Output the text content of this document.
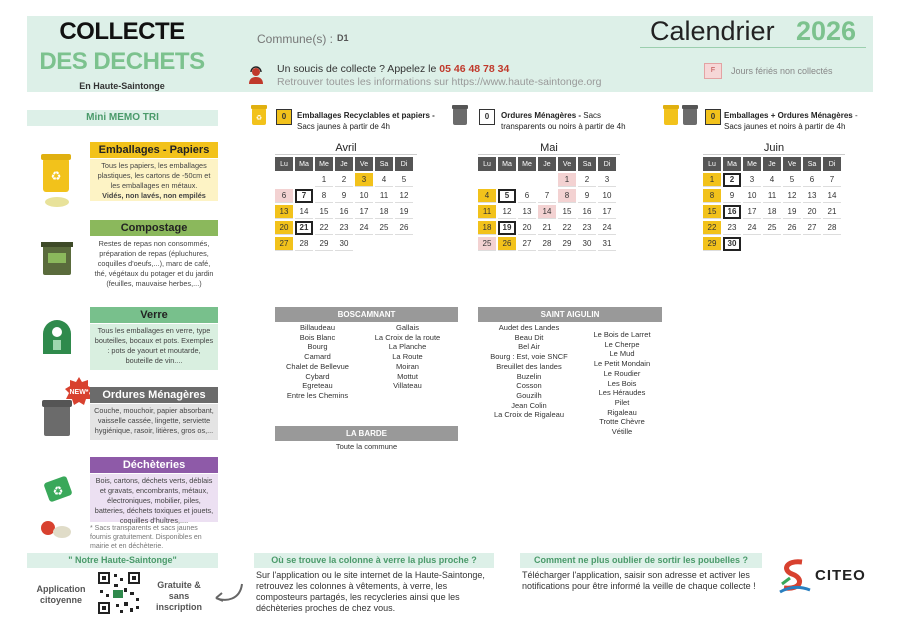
COLLECTE
DES DECHETS
En Haute-Saintonge
Commune(s) : D1	Calendrier 2026
Un soucis de collecte ? Appelez le 05 46 48 78 34
Retrouver toutes les informations sur https://www.haute-saintonge.org
F	Jours fériés non collectés
♻	0	Emballages Recyclables et papiers -
Sacs jaunes à partir de 4h
0	Ordures Ménagères - Sacs
transparents ou noirs à partir de 4h
0	Emballages + Ordures Ménagères -
Sacs jaunes et noirs à partir de 4h
Mini MEMO TRI
♻
Emballages - Papiers
Tous les papiers, les emballages plastiques, les cartons de -50cm et les emballages en métaux.
Vidés, non lavés, non empilés
Compostage
Restes de repas non consommés, préparation de repas (épluchures, coquilles d'oeufs,...), marc de café, thé, végétaux du potager et du jardin (feuilles, mauvaise herbes,...)
Verre
Tous les emballages en verre, type bouteilles, bocaux et pots. Exemples : pots de yaourt et moutarde, bouteille de vin....
NEW*	Ordures Ménagères
Couche, mouchoir, papier absorbant, vaisselle cassée, lingette, serviette hygiénique, rasoir, litières, gros os,...
♻
Déchèteries
Bois, cartons, déchets verts, déblais et gravats, encombrants, métaux, électroniques, mobilier, piles, batteries, déchets toxiques et jouets, coquilles d'huîtres,....
* Sacs transparents et sacs jaunes fournis gratuitement. Disponibles en mairie et en déchèterie.
Avril
Lu	Ma	Me	Je	Ve	Sa	Di
		1	2	3	4	5
6	7	8	9	10	11	12
13	14	15	16	17	18	19
20	21	22	23	24	25	26
27	28	29	30			
Mai
Lu	Ma	Me	Je	Ve	Sa	Di
				1	2	3
4	5	6	7	8	9	10
11	12	13	14	15	16	17
18	19	20	21	22	23	24
25	26	27	28	29	30	31
Juin
Lu	Ma	Me	Je	Ve	Sa	Di
1	2	3	4	5	6	7
8	9	10	11	12	13	14
15	16	17	18	19	20	21
22	23	24	25	26	27	28
29	30					
BOSCAMNANT
Billaudeau
Bois Blanc
Bourg
Camard
Chalet de Bellevue
Cybard
Egreteau
Entre les Chemins
Gallais
La Croix de la route
La Planche
La Route
Moiran
Mottut
Villateau
SAINT AIGULIN
Audet des Landes
Beau Dit
Bel Air
Bourg : Est, voie SNCF
Breuillet des landes
Buzelin
Cosson
Gouzilh
Jean Colin
La Croix de Rigaleau
Le Bois de Larret
Le Cherpe
Le Mud
Le Petit Mondain
Le Roudier
Les Bois
Les Héraudes
Pilet
Rigaleau
Trotte Chèvre
Vétille
LA BARDE
Toute la commune
" Notre Haute-Saintonge"
Application citoyenne
Gratuite & sans inscription
Où se trouve la colonne à verre la plus proche ?
Sur l'application ou le site internet de la Haute-Saintonge, retrouvez les colonnes à vêtements, à verre, les composteurs partagés, les recycleries ainsi que les déchèteries proches de chez vous.
Comment ne plus oublier de sortir les poubelles ?
Télécharger l'application, saisir son adresse et activer les notifications pour être informé la veille de chaque collecte !
CITEO
